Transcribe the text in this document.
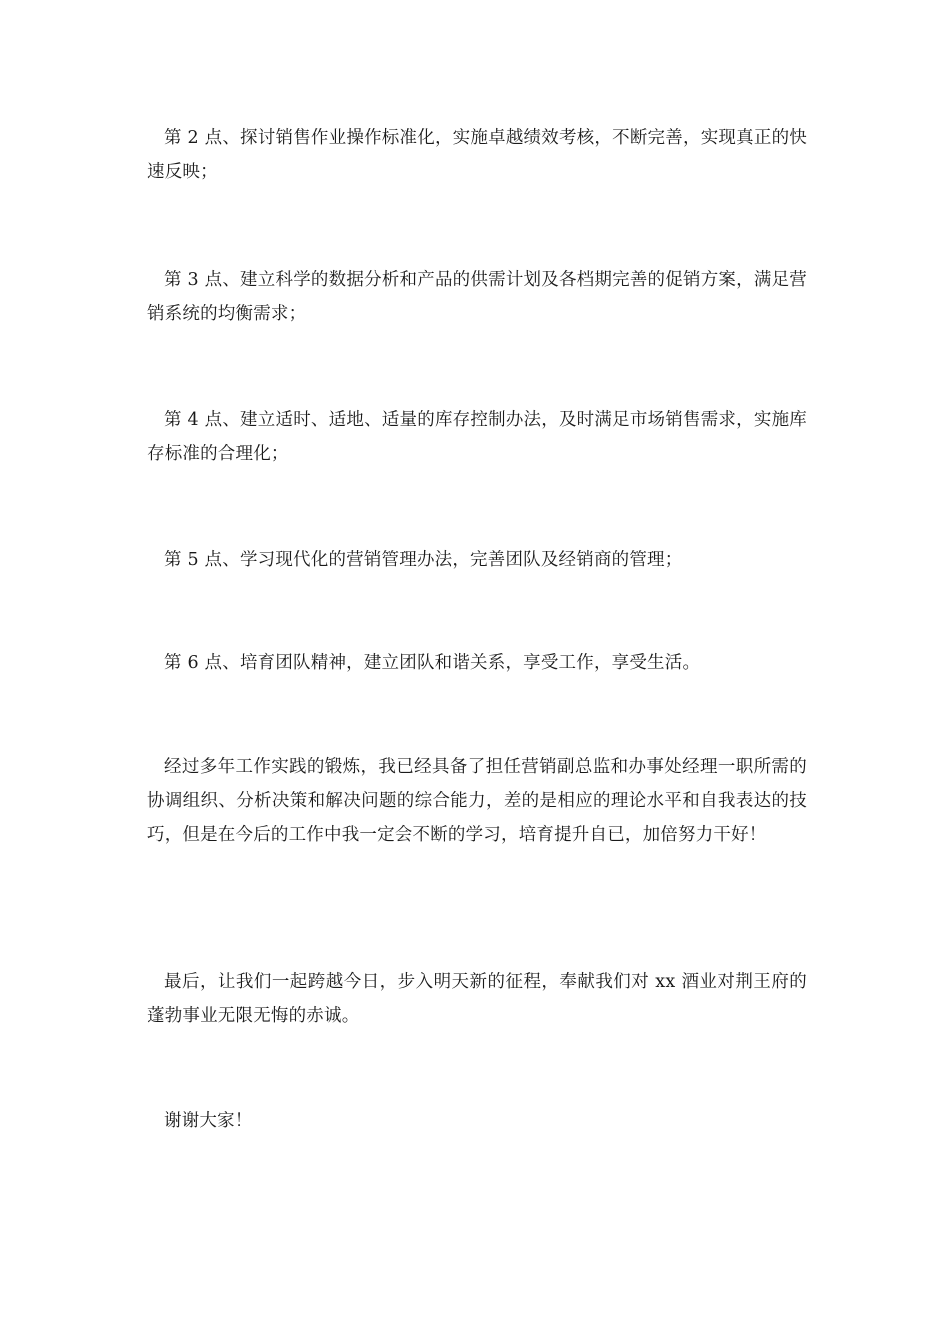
第 2 点、探讨销售作业操作标准化，实施卓越绩效考核，不断完善，实现真正的快速反映；

第 3 点、建立科学的数据分析和产品的供需计划及各档期完善的促销方案，满足营销系统的均衡需求；

第 4 点、建立适时、适地、适量的库存控制办法，及时满足市场销售需求，实施库存标准的合理化；

第 5 点、学习现代化的营销管理办法，完善团队及经销商的管理；

第 6 点、培育团队精神，建立团队和谐关系，享受工作，享受生活。

经过多年工作实践的锻炼，我已经具备了担任营销副总监和办事处经理一职所需的协调组织、分析决策和解决问题的综合能力，差的是相应的理论水平和自我表达的技巧，但是在今后的工作中我一定会不断的学习，培育提升自已，加倍努力干好！

最后，让我们一起跨越今日，步入明天新的征程，奉献我们对 xx 酒业对荆王府的蓬勃事业无限无悔的赤诚。

谢谢大家！
